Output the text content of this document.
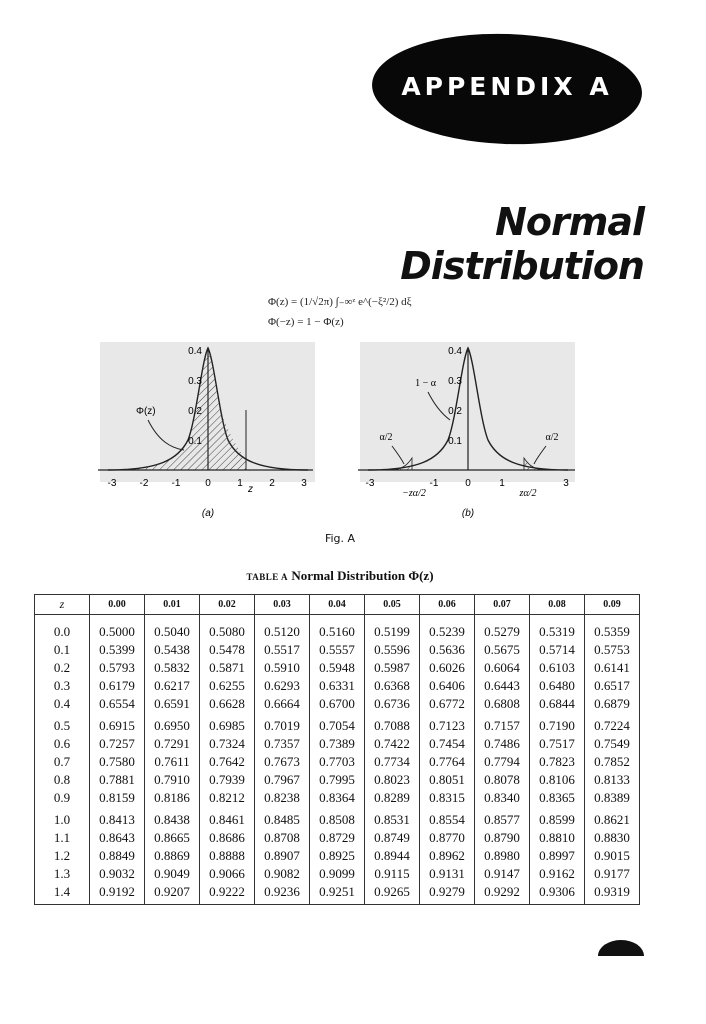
APPENDIX A
Normal Distribution
Φ(z) = (1/√2π) ∫₋∞ᶻ e^(−ξ²/2) dξ
Φ(−z) = 1 − Φ(z)
0.4
0.3
0.2
0.1
-3 -2 -1 0	1	2	3
z
Φ(z)
(a)
0.4
0.3
0.2
0.1
-3	-1	0	1	3
1 − α
α/2	α/2
−zα/2	zα/2
(b)
Fig. A
TABLE A Normal Distribution Φ(z)
z	0.00	0.01	0.02	0.03	0.04	0.05	0.06	0.07	0.08	0.09
0.0	0.5000	0.5040	0.5080	0.5120	0.5160	0.5199	0.5239	0.5279	0.5319	0.5359
0.1	0.5399	0.5438	0.5478	0.5517	0.5557	0.5596	0.5636	0.5675	0.5714	0.5753
0.2	0.5793	0.5832	0.5871	0.5910	0.5948	0.5987	0.6026	0.6064	0.6103	0.6141
0.3	0.6179	0.6217	0.6255	0.6293	0.6331	0.6368	0.6406	0.6443	0.6480	0.6517
0.4	0.6554	0.6591	0.6628	0.6664	0.6700	0.6736	0.6772	0.6808	0.6844	0.6879
0.5	0.6915	0.6950	0.6985	0.7019	0.7054	0.7088	0.7123	0.7157	0.7190	0.7224
0.6	0.7257	0.7291	0.7324	0.7357	0.7389	0.7422	0.7454	0.7486	0.7517	0.7549
0.7	0.7580	0.7611	0.7642	0.7673	0.7703	0.7734	0.7764	0.7794	0.7823	0.7852
0.8	0.7881	0.7910	0.7939	0.7967	0.7995	0.8023	0.8051	0.8078	0.8106	0.8133
0.9	0.8159	0.8186	0.8212	0.8238	0.8364	0.8289	0.8315	0.8340	0.8365	0.8389
1.0	0.8413	0.8438	0.8461	0.8485	0.8508	0.8531	0.8554	0.8577	0.8599	0.8621
1.1	0.8643	0.8665	0.8686	0.8708	0.8729	0.8749	0.8770	0.8790	0.8810	0.8830
1.2	0.8849	0.8869	0.8888	0.8907	0.8925	0.8944	0.8962	0.8980	0.8997	0.9015
1.3	0.9032	0.9049	0.9066	0.9082	0.9099	0.9115	0.9131	0.9147	0.9162	0.9177
1.4	0.9192	0.9207	0.9222	0.9236	0.9251	0.9265	0.9279	0.9292	0.9306	0.9319
